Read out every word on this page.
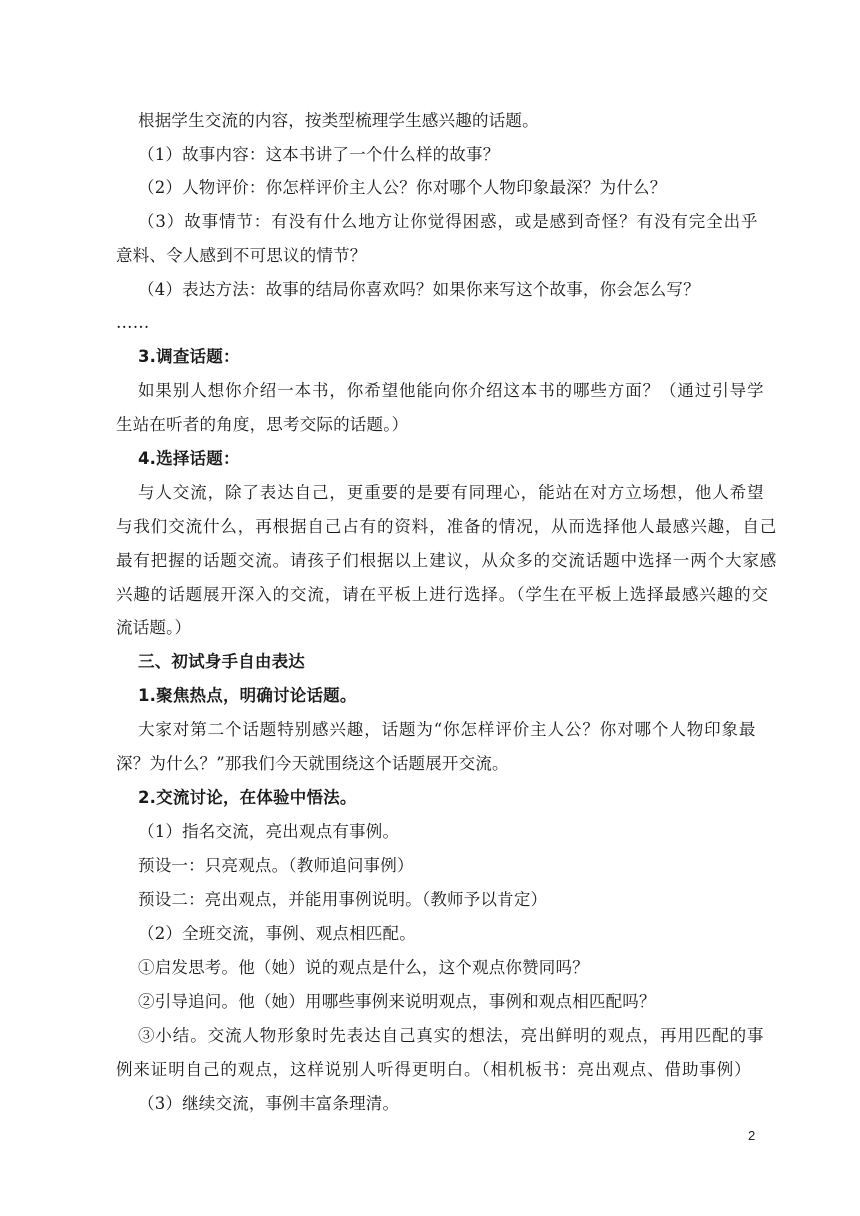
根据学生交流的内容，按类型梳理学生感兴趣的话题。
（1）故事内容：这本书讲了一个什么样的故事？
（2）人物评价：你怎样评价主人公？你对哪个人物印象最深？为什么？
（3）故事情节：有没有什么地方让你觉得困惑，或是感到奇怪？有没有完全出乎
意料、令人感到不可思议的情节？
（4）表达方法：故事的结局你喜欢吗？如果你来写这个故事，你会怎么写？
……
3.调查话题：
如果别人想你介绍一本书，你希望他能向你介绍这本书的哪些方面？（通过引导学
生站在听者的角度，思考交际的话题。）
4.选择话题：
与人交流，除了表达自己，更重要的是要有同理心，能站在对方立场想，他人希望
与我们交流什么，再根据自己占有的资料，准备的情况，从而选择他人最感兴趣，自己
最有把握的话题交流。请孩子们根据以上建议，从众多的交流话题中选择一两个大家感
兴趣的话题展开深入的交流，请在平板上进行选择。（学生在平板上选择最感兴趣的交
流话题。）
三、初试身手自由表达
1.聚焦热点，明确讨论话题。
大家对第二个话题特别感兴趣，话题为“你怎样评价主人公？你对哪个人物印象最
深？为什么？”那我们今天就围绕这个话题展开交流。
2.交流讨论，在体验中悟法。
（1）指名交流，亮出观点有事例。
预设一：只亮观点。（教师追问事例）
预设二：亮出观点，并能用事例说明。（教师予以肯定）
（2）全班交流，事例、观点相匹配。
①启发思考。他（她）说的观点是什么，这个观点你赞同吗？
②引导追问。他（她）用哪些事例来说明观点，事例和观点相匹配吗？
③小结。交流人物形象时先表达自己真实的想法，亮出鲜明的观点，再用匹配的事
例来证明自己的观点，这样说别人听得更明白。（相机板书：亮出观点、借助事例）
（3）继续交流，事例丰富条理清。
2
